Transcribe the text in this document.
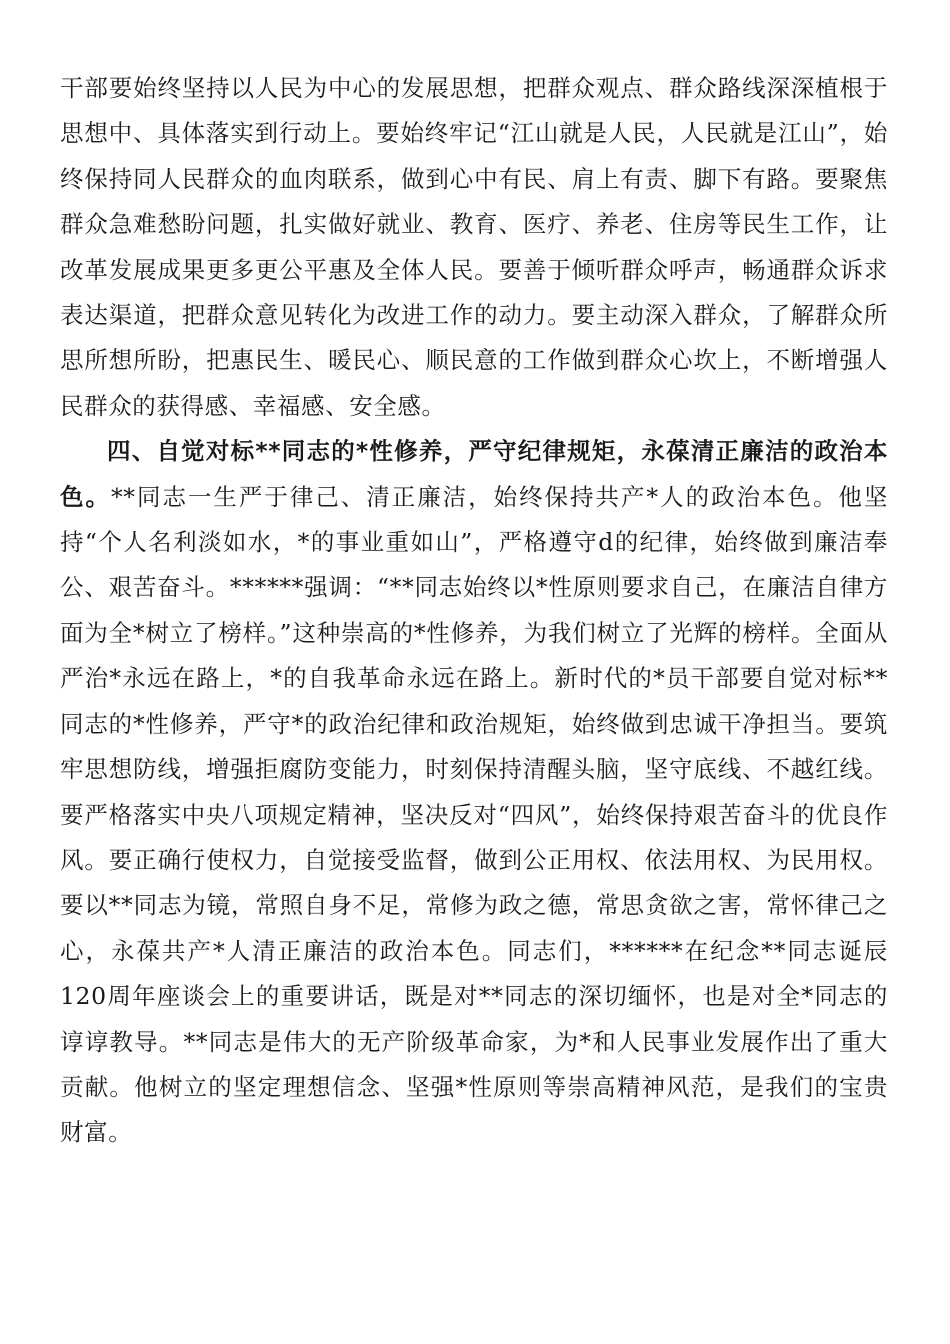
干部要始终坚持以人民为中心的发展思想，把群众观点、群众路线深深植根于思想中、具体落实到行动上。要始终牢记“江山就是人民，人民就是江山”，始终保持同人民群众的血肉联系，做到心中有民、肩上有责、脚下有路。要聚焦群众急难愁盼问题，扎实做好就业、教育、医疗、养老、住房等民生工作，让改革发展成果更多更公平惠及全体人民。要善于倾听群众呼声，畅通群众诉求表达渠道，把群众意见转化为改进工作的动力。要主动深入群众，了解群众所思所想所盼，把惠民生、暖民心、顺民意的工作做到群众心坎上，不断增强人民群众的获得感、幸福感、安全感。

四、自觉对标**同志的*性修养，严守纪律规矩，永葆清正廉洁的政治本色。**同志一生严于律己、清正廉洁，始终保持共产*人的政治本色。他坚持“个人名利淡如水，*的事业重如山”，严格遵守d的纪律，始终做到廉洁奉公、艰苦奋斗。******强调：“**同志始终以*性原则要求自己，在廉洁自律方面为全*树立了榜样。”这种崇高的*性修养，为我们树立了光辉的榜样。全面从严治*永远在路上，*的自我革命永远在路上。新时代的*员干部要自觉对标**同志的*性修养，严守*的政治纪律和政治规矩，始终做到忠诚干净担当。要筑牢思想防线，增强拒腐防变能力，时刻保持清醒头脑，坚守底线、不越红线。要严格落实中央八项规定精神，坚决反对“四风”，始终保持艰苦奋斗的优良作风。要正确行使权力，自觉接受监督，做到公正用权、依法用权、为民用权。要以**同志为镜，常照自身不足，常修为政之德，常思贪欲之害，常怀律己之心，永葆共产*人清正廉洁的政治本色。同志们，******在纪念**同志诞辰120周年座谈会上的重要讲话，既是对**同志的深切缅怀，也是对全*同志的谆谆教导。**同志是伟大的无产阶级革命家，为*和人民事业发展作出了重大贡献。他树立的坚定理想信念、坚强*性原则等崇高精神风范，是我们的宝贵财富。
